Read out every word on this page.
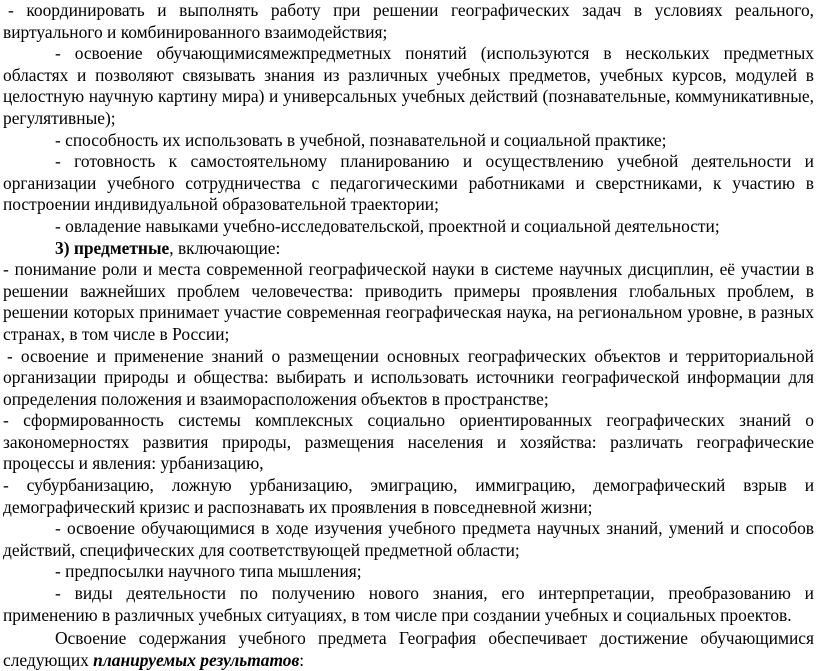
- координировать и выполнять работу при решении географических задач в условиях реального, виртуального и комбинированного взаимодействия;

- освоение обучающимисямежпредметных понятий (используются в нескольких предметных областях и позволяют связывать знания из различных учебных предметов, учебных курсов, модулей в целостную научную картину мира) и универсальных учебных действий (познавательные, коммуникативные, регулятивные);

- способность их использовать в учебной, познавательной и социальной практике;

- готовность к самостоятельному планированию и осуществлению учебной деятельности и организации учебного сотрудничества с педагогическими работниками и сверстниками, к участию в построении индивидуальной образовательной траектории;

- овладение навыками учебно-исследовательской, проектной и социальной деятельности;

3) предметные, включающие:

- понимание роли и места современной географической науки в системе научных дисциплин, её участии в решении важнейших проблем человечества: приводить примеры проявления глобальных проблем, в решении которых принимает участие современная географическая наука, на региональном уровне, в разных странах, в том числе в России;

- освоение и применение знаний о размещении основных географических объектов и территориальной организации природы и общества: выбирать и использовать источники географической информации для определения положения и взаиморасположения объектов в пространстве;

- сформированность системы комплексных социально ориентированных географических знаний о закономерностях развития природы, размещения населения и хозяйства: различать географические процессы и явления: урбанизацию,

- субурбанизацию, ложную урбанизацию, эмиграцию, иммиграцию, демографический взрыв и демографический кризис и распознавать их проявления в повседневной жизни;

- освоение обучающимися в ходе изучения учебного предмета научных знаний, умений и способов действий, специфических для соответствующей предметной области;

- предпосылки научного типа мышления;

- виды деятельности по получению нового знания, его интерпретации, преобразованию и применению в различных учебных ситуациях, в том числе при создании учебных и социальных проектов.

Освоение содержания учебного предмета География обеспечивает достижение обучающимися следующих планируемых результатов:
